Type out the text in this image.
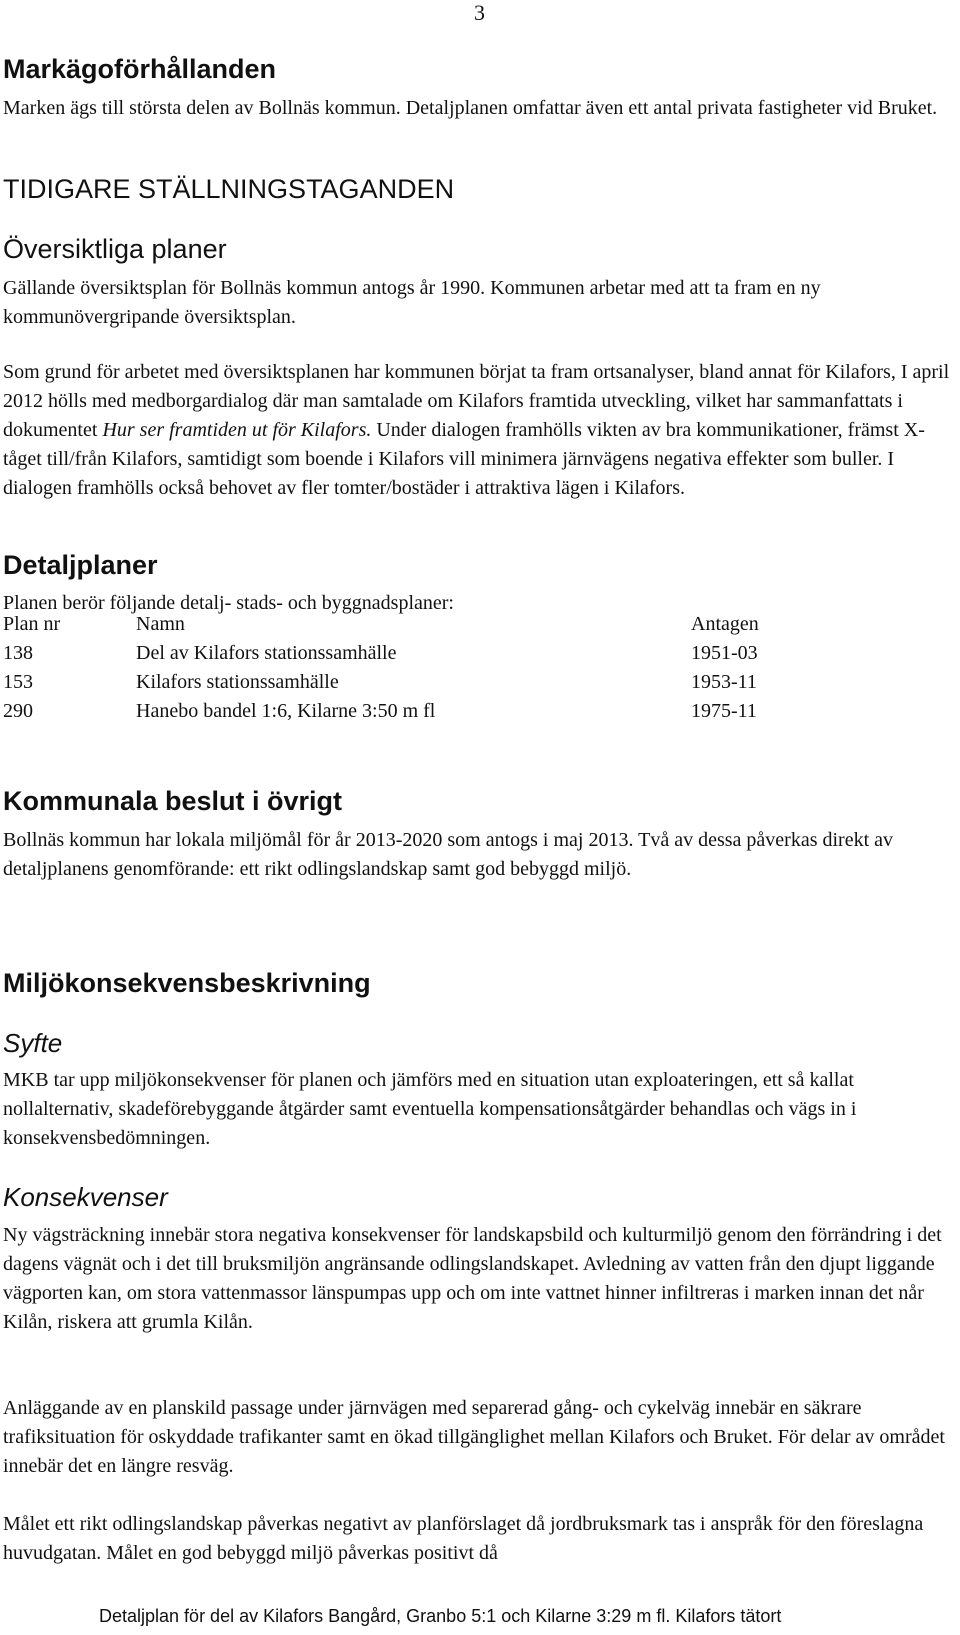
3
Markägoförhållanden

Marken ägs till största delen av Bollnäs kommun. Detaljplanen omfattar även ett antal privata fastigheter vid Bruket.

TIDIGARE STÄLLNINGSTAGANDEN
Översiktliga planer

Gällande översiktsplan för Bollnäs kommun antogs år 1990. Kommunen arbetar med att ta fram en ny kommunövergripande översiktsplan.

Som grund för arbetet med översiktsplanen har kommunen börjat ta fram ortsanalyser, bland annat för Kilafors, I april 2012 hölls med medborgardialog där man samtalade om Kilafors framtida utveckling, vilket har sammanfattats i dokumentet Hur ser framtiden ut för Kilafors. Under dialogen framhölls vikten av bra kommunikationer, främst X-tåget till/från Kilafors, samtidigt som boende i Kilafors vill minimera järnvägens negativa effekter som buller. I dialogen framhölls också behovet av fler tomter/bostäder i attraktiva lägen i Kilafors.

Detaljplaner

Planen berör följande detalj- stads- och byggnadsplaner:

Plan nr	Namn	Antagen
138	Del av Kilafors stationssamhälle	1951-03
153	Kilafors stationssamhälle	1953-11
290	Hanebo bandel 1:6, Kilarne 3:50 m fl	1975-11
Kommunala beslut i övrigt

Bollnäs kommun har lokala miljömål för år 2013-2020 som antogs i maj 2013. Två av dessa påverkas direkt av detaljplanens genomförande: ett rikt odlingslandskap samt god bebyggd miljö.

Miljökonsekvensbeskrivning
Syfte

MKB tar upp miljökonsekvenser för planen och jämförs med en situation utan exploateringen, ett så kallat nollalternativ, skadeförebyggande åtgärder samt eventuella kompensationsåtgärder behandlas och vägs in i konsekvensbedömningen.

Konsekvenser

Ny vägsträckning innebär stora negativa konsekvenser för landskapsbild och kulturmiljö genom den förrändring i det dagens vägnät och i det till bruksmiljön angränsande odlingslandskapet. Avledning av vatten från den djupt liggande vägporten kan, om stora vattenmassor länspumpas upp och om inte vattnet hinner infiltreras i marken innan det når Kilån, riskera att grumla Kilån.

Anläggande av en planskild passage under järnvägen med separerad gång- och cykelväg innebär en säkrare trafiksituation för oskyddade trafikanter samt en ökad tillgänglighet mellan Kilafors och Bruket. För delar av området innebär det en längre resväg.

Målet ett rikt odlingslandskap påverkas negativt av planförslaget då jordbruksmark tas i anspråk för den föreslagna huvudgatan. Målet en god bebyggd miljö påverkas positivt då

Detaljplan för del av Kilafors Bangård, Granbo 5:1 och Kilarne 3:29 m fl. Kilafors tätort
